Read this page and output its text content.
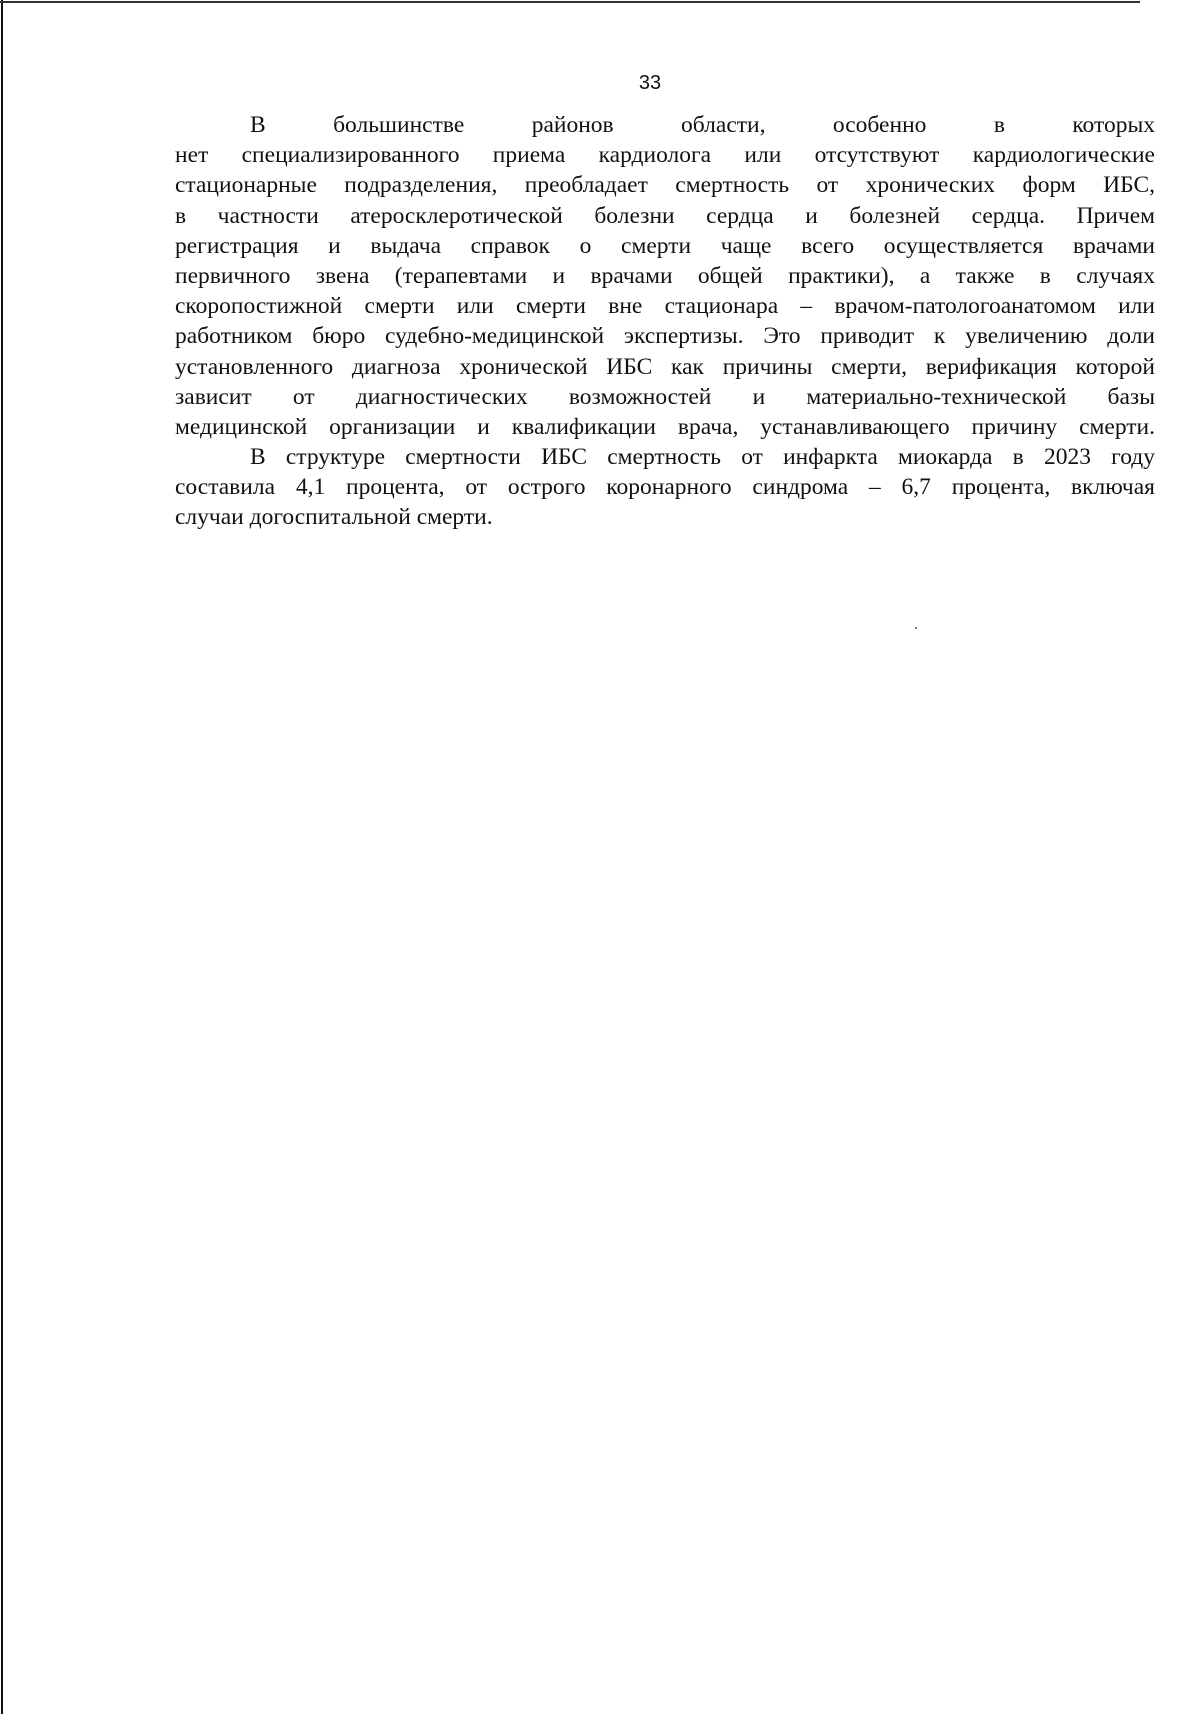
33
В большинстве районов области, особенно в которых
нет специализированного приема кардиолога или отсутствуют кардиологические
стационарные подразделения, преобладает смертность от хронических форм ИБС,
в частности атеросклеротической болезни сердца и болезней сердца. Причем
регистрация и выдача справок о смерти чаще всего осуществляется врачами
первичного звена (терапевтами и врачами общей практики), а также в случаях
скоропостижной смерти или смерти вне стационара – врачом-патологоанатомом или
работником бюро судебно-медицинской экспертизы. Это приводит к увеличению доли
установленного диагноза хронической ИБС как причины смерти, верификация которой
зависит от диагностических возможностей и материально-технической базы
медицинской организации и квалификации врача, устанавливающего причину смерти.
В структуре смертности ИБС смертность от инфаркта миокарда в 2023 году
составила 4,1 процента, от острого коронарного синдрома – 6,7 процента, включая
случаи догоспитальной смерти.
